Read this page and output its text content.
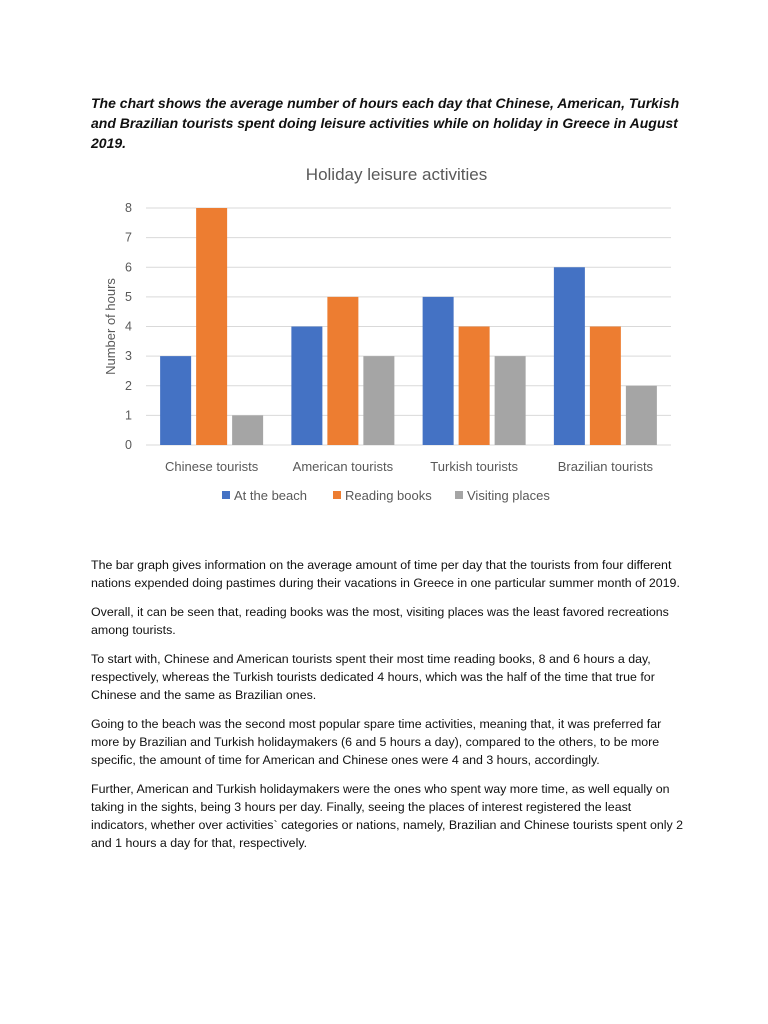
The chart shows the average number of hours each day that Chinese, American, Turkish and Brazilian tourists spent doing leisure activities while on holiday in Greece in August 2019.

Holiday leisure activities
0
1
2
3
4
5
6
7
8
Number of hours
Chinese tourists	American tourists	Turkish tourists	Brazilian tourists
At the beach	Reading books	Visiting places

The bar graph gives information on the average amount of time per day that the tourists from four different nations expended doing pastimes during their vacations in Greece in one particular summer month of 2019.

Overall, it can be seen that, reading books was the most, visiting places was the least favored recreations among tourists.

To start with, Chinese and American tourists spent their most time reading books, 8 and 6 hours a day, respectively, whereas the Turkish tourists dedicated 4 hours, which was the half of the time that true for Chinese and the same as Brazilian ones.

Going to the beach was the second most popular spare time activities, meaning that, it was preferred far more by Brazilian and Turkish holidaymakers (6 and 5 hours a day), compared to the others, to be more specific, the amount of time for American and Chinese ones were 4 and 3 hours, accordingly.

Further, American and Turkish holidaymakers were the ones who spent way more time, as well equally on taking in the sights, being 3 hours per day. Finally, seeing the places of interest registered the least indicators, whether over activities` categories or nations, namely, Brazilian and Chinese tourists spent only 2 and 1 hours a day for that, respectively.
